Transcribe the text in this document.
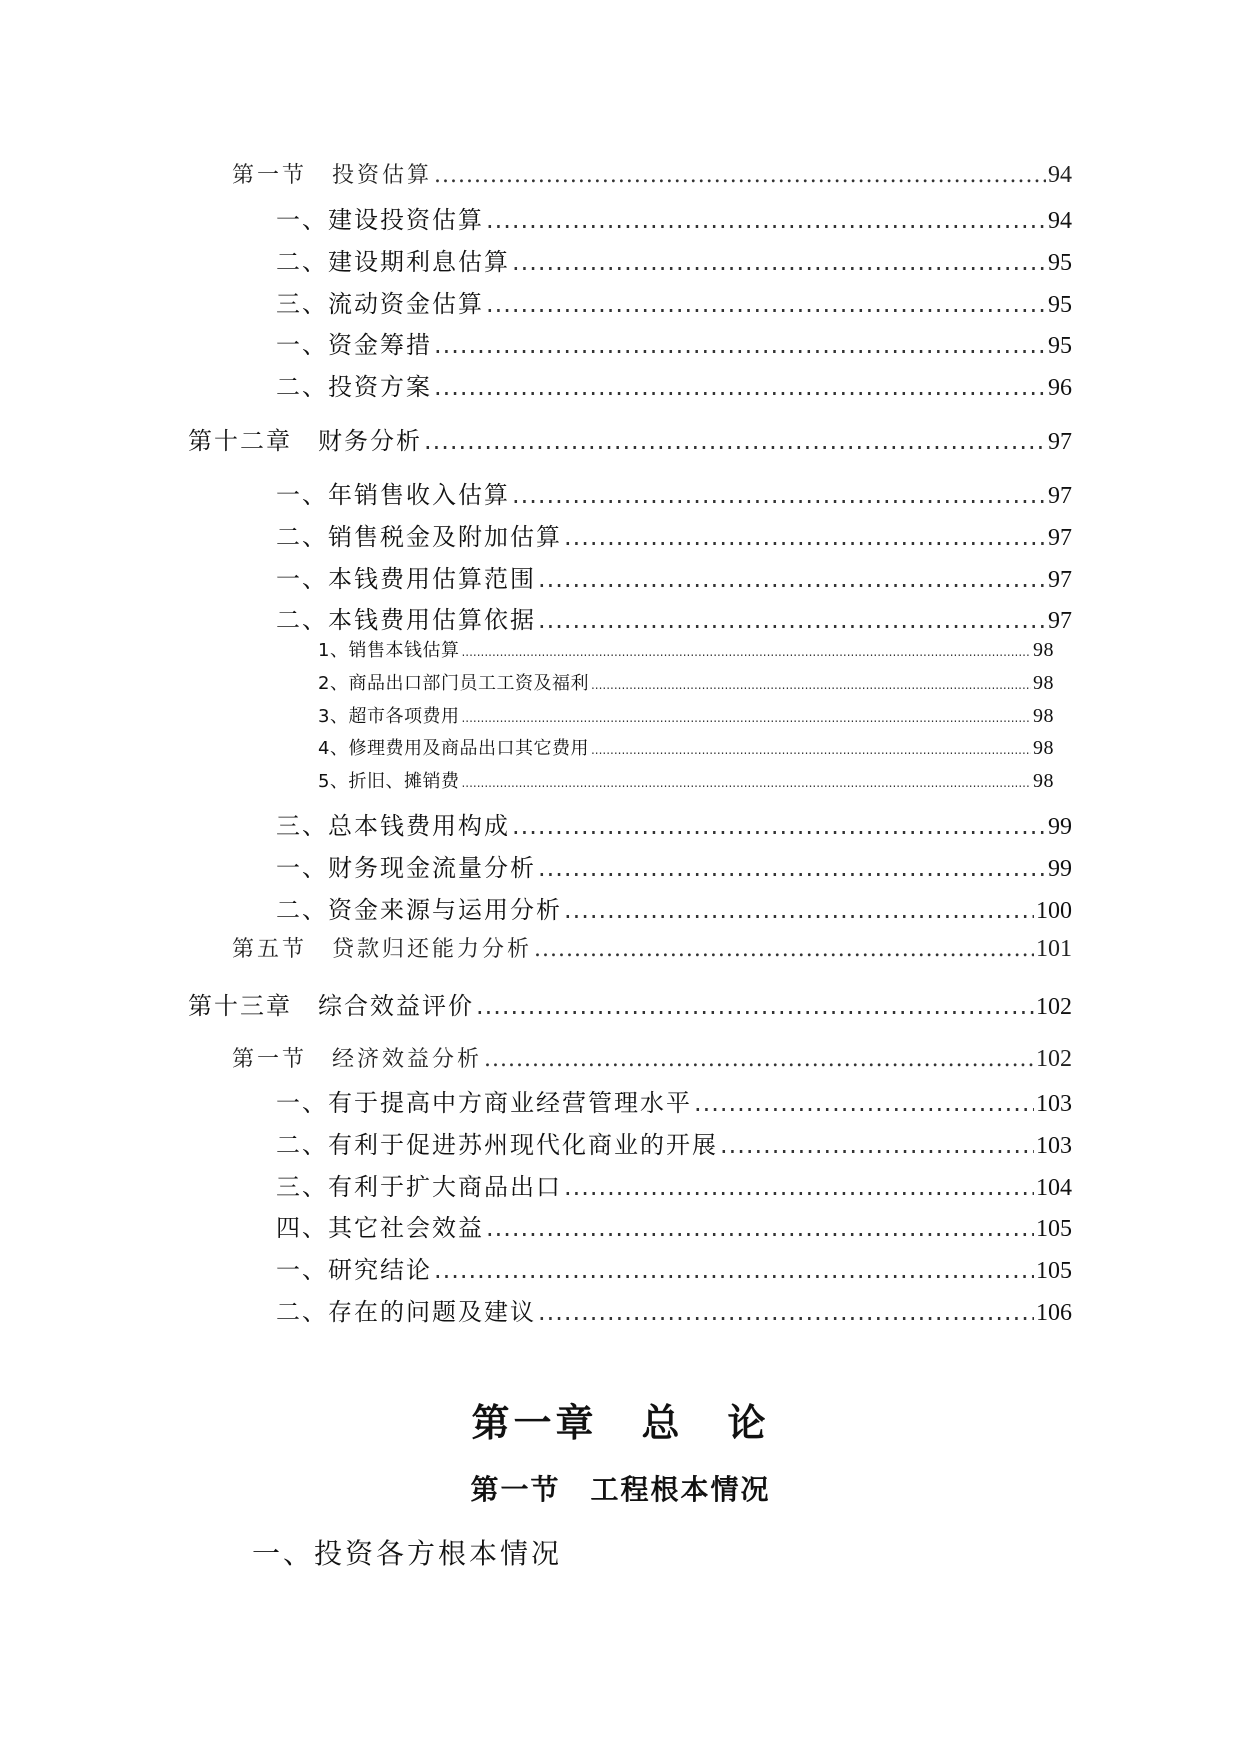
第一节　投资估算 .....	94
一、建设投资估算 .....	94
二、建设期利息估算 .....	95
三、流动资金估算 .....	95
一、资金筹措 .....	95
二、投资方案 .....	96
第十二章　财务分析 .....	97
一、年销售收入估算 .....	97
二、销售税金及附加估算 .....	97
一、本钱费用估算范围 .....	97
二、本钱费用估算依据 .....	97
1、销售本钱估算 .....	98
2、商品出口部门员工工资及福利 .....	98
3、超市各项费用 .....	98
4、修理费用及商品出口其它费用 .....	98
5、折旧、摊销费 .....	98
三、总本钱费用构成 .....	99
一、财务现金流量分析 .....	99
二、资金来源与运用分析 .....	100
第五节　贷款归还能力分析 .....	101
第十三章　综合效益评价 .....	102
第一节　经济效益分析 .....	102
一、有于提高中方商业经营管理水平 .....	103
二、有利于促进苏州现代化商业的开展 .....	103
三、有利于扩大商品出口 .....	104
四、其它社会效益 .....	105
一、研究结论 .....	105
二、存在的问题及建议 .....	106
第一章 总 论
第一节 工程根本情况
一、投资各方根本情况
